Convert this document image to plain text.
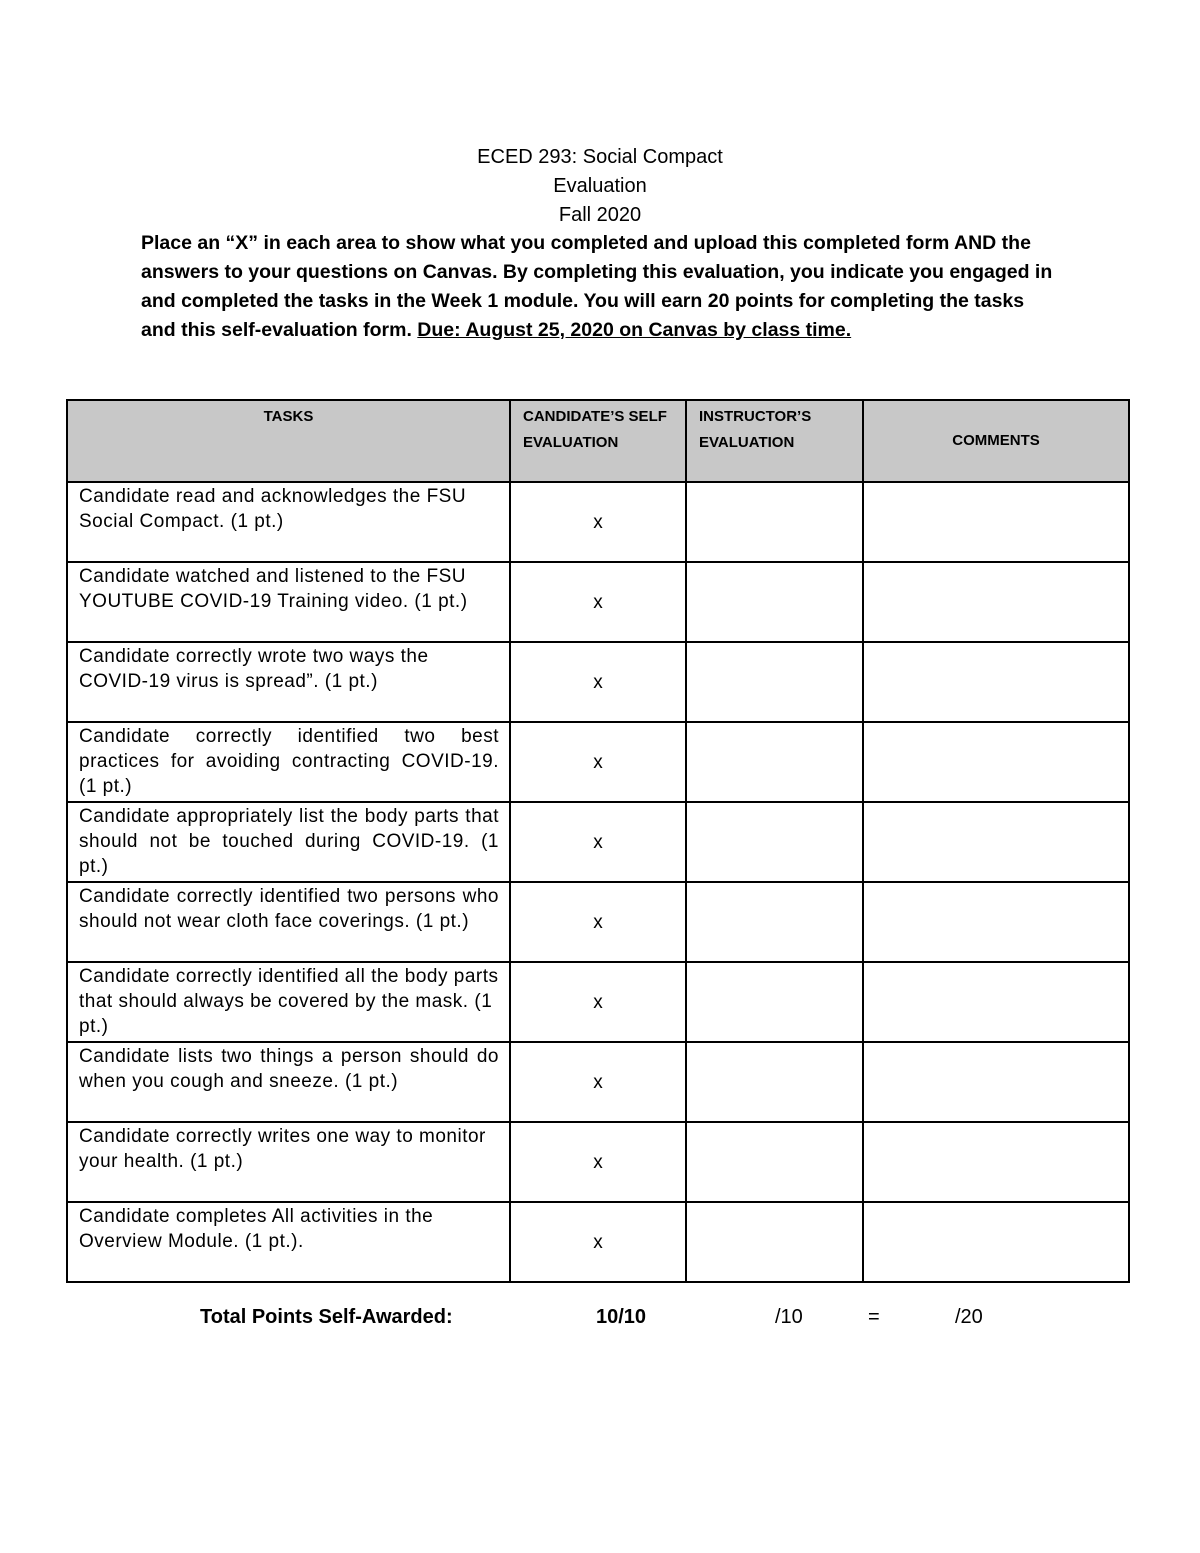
ECED 293: Social Compact
Evaluation
Fall 2020
Place an “X” in each area to show what you completed and upload this completed form AND the answers to your questions on Canvas. By completing this evaluation, you indicate you engaged in and completed the tasks in the Week 1 module. You will earn 20 points for completing the tasks and this self-evaluation form. Due: August 25, 2020 on Canvas by class time.
TASKS	CANDIDATE’S SELF EVALUATION	INSTRUCTOR’S EVALUATION	COMMENTS
Candidate read and acknowledges the FSU Social Compact. (1 pt.)	x		
Candidate watched and listened to the FSU YOUTUBE COVID-19 Training video. (1 pt.)	x		
Candidate correctly wrote two ways the COVID-19 virus is spread”. (1 pt.)	x		
Candidate correctly identified two best practices for avoiding contracting COVID-19. (1 pt.)	x		
Candidate appropriately list the body parts that should not be touched during COVID-19. (1 pt.)	x		
Candidate correctly identified two persons who should not wear cloth face coverings. (1 pt.)	x		
Candidate correctly identified all the body parts that should always be covered by the mask. (1 pt.)	x		
Candidate lists two things a person should do when you cough and sneeze. (1 pt.)	x		
Candidate correctly writes one way to monitor your health. (1 pt.)	x		
Candidate completes All activities in the Overview Module. (1 pt.).	x		
Total Points Self-Awarded:	10/10	/10	=	/20
